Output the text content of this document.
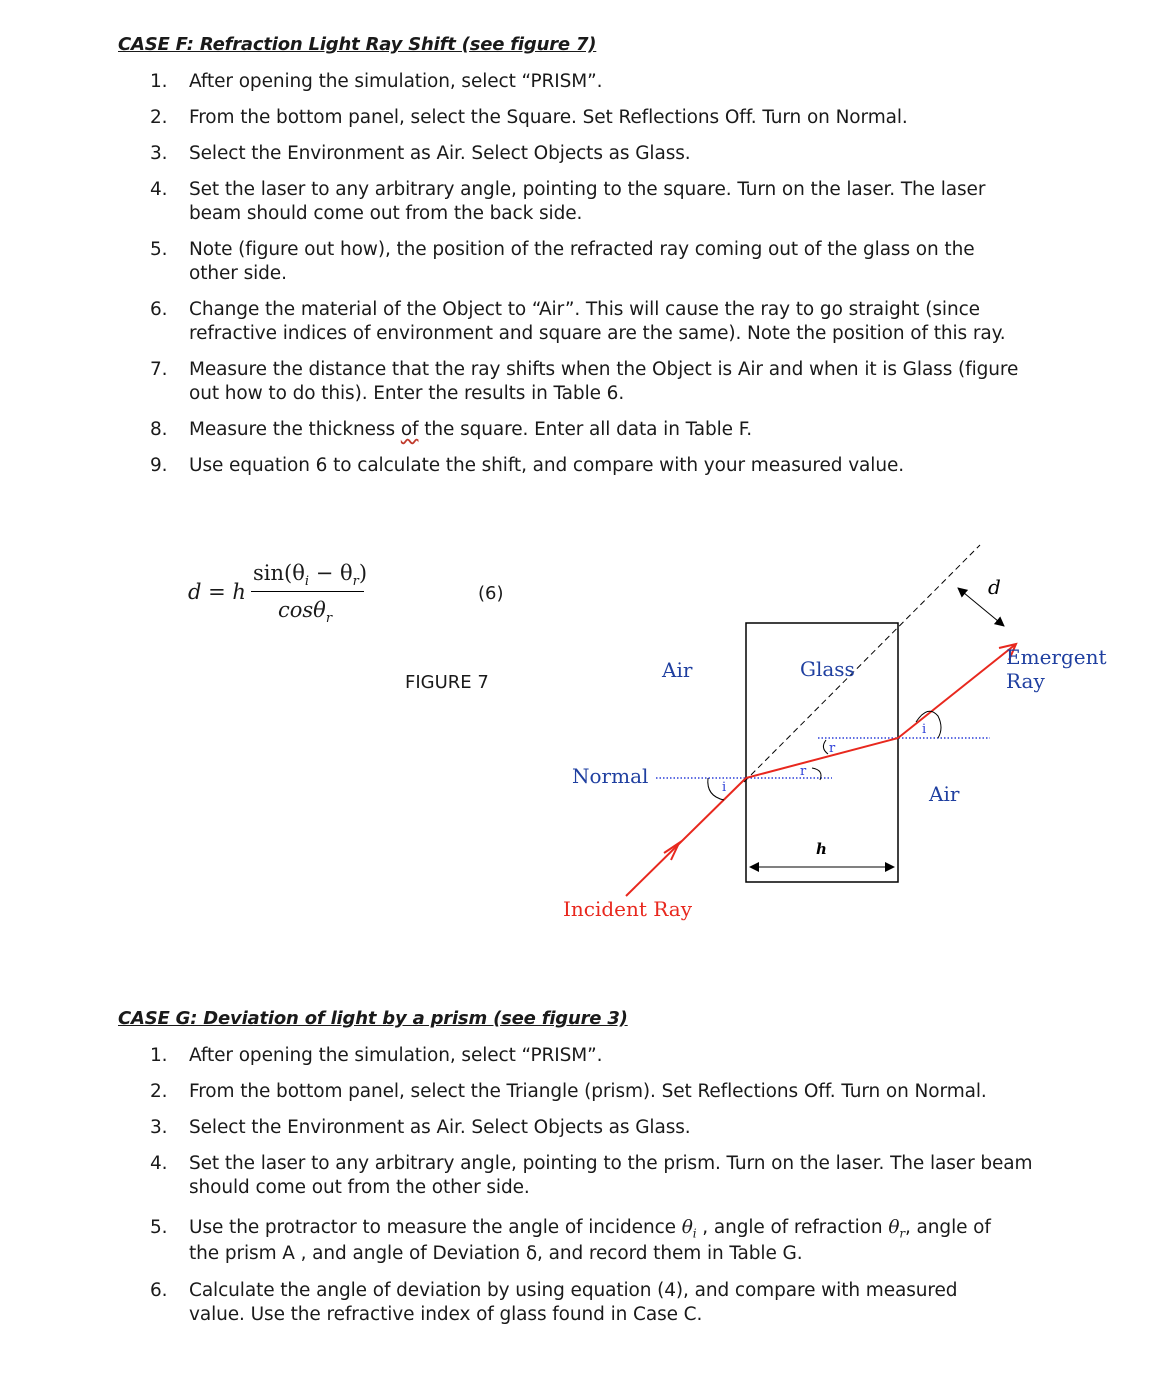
CASE F: Refraction Light Ray Shift (see figure 7)
1.	After opening the simulation, select “PRISM”.
2.	From the bottom panel, select the Square. Set Reflections Off. Turn on Normal.
3.	Select the Environment as Air. Select Objects as Glass.
4.	Set the laser to any arbitrary angle, pointing to the square. Turn on the laser. The laser
beam should come out from the back side.
5.	Note (figure out how), the position of the refracted ray coming out of the glass on the
other side.
6.	Change the material of the Object to “Air”. This will cause the ray to go straight (since
refractive indices of environment and square are the same). Note the position of this ray.
7.	Measure the distance that the ray shifts when the Object is Air and when it is Glass (figure
out how to do this). Enter the results in Table 6.
8.	Measure the thickness of the square. Enter all data in Table F.
9.	Use equation 6 to calculate the shift, and compare with your measured value.
d = h
$\sin(\theta_i - \theta_r)$
cosθ$_r$
(6)
FIGURE 7
Air	Glass
Air
Normal
Incident Ray
Emergent
Ray
d
h
i
r
r
i
CASE G: Deviation of light by a prism (see figure 3)
1.	After opening the simulation, select “PRISM”.
2.	From the bottom panel, select the Triangle (prism). Set Reflections Off. Turn on Normal.
3.	Select the Environment as Air. Select Objects as Glass.
4.	Set the laser to any arbitrary angle, pointing to the prism. Turn on the laser. The laser beam
should come out from the other side.
5.	Use the protractor to measure the angle of incidence $\theta_i$ , angle of refraction $\theta_r$, angle of
the prism A , and angle of Deviation δ, and record them in Table G.
6.	Calculate the angle of deviation by using equation (4), and compare with measured
value. Use the refractive index of glass found in Case C.
